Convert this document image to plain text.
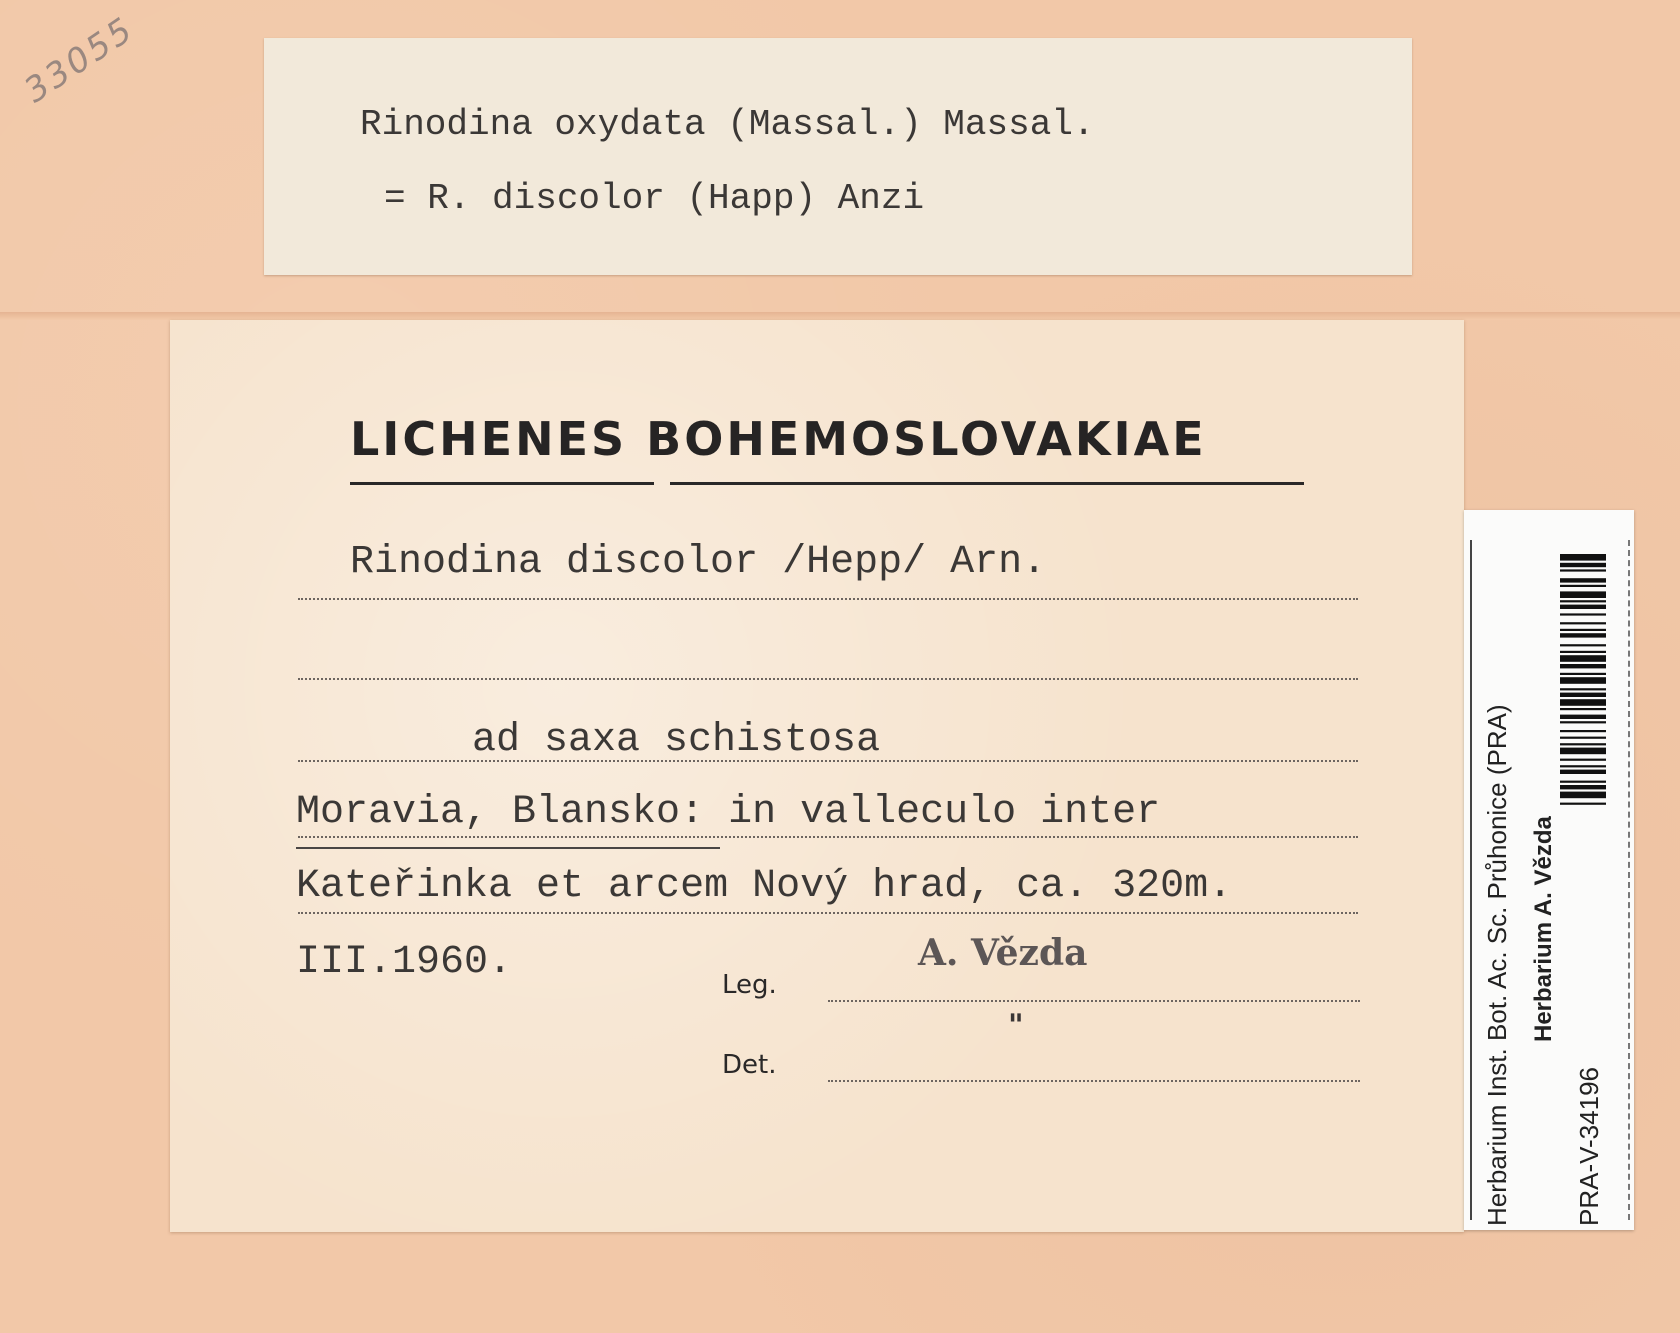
33055
Rinodina oxydata (Massal.) Massal.
= R. discolor (Happ) Anzi
LICHENES BOHEMOSLOVAKIAE
Rinodina discolor /Hepp/ Arn.
ad saxa schistosa
Moravia, Blansko: in valleculo inter
Kateřinka et arcem Nový hrad, ca. 320m.
III.1960.	Leg.
A. Vězda
Det.
"	Herbarium Inst. Bot. Ac. Sc. Průhonice (PRA) Herbarium A. Vězda
PRA-V-34196
